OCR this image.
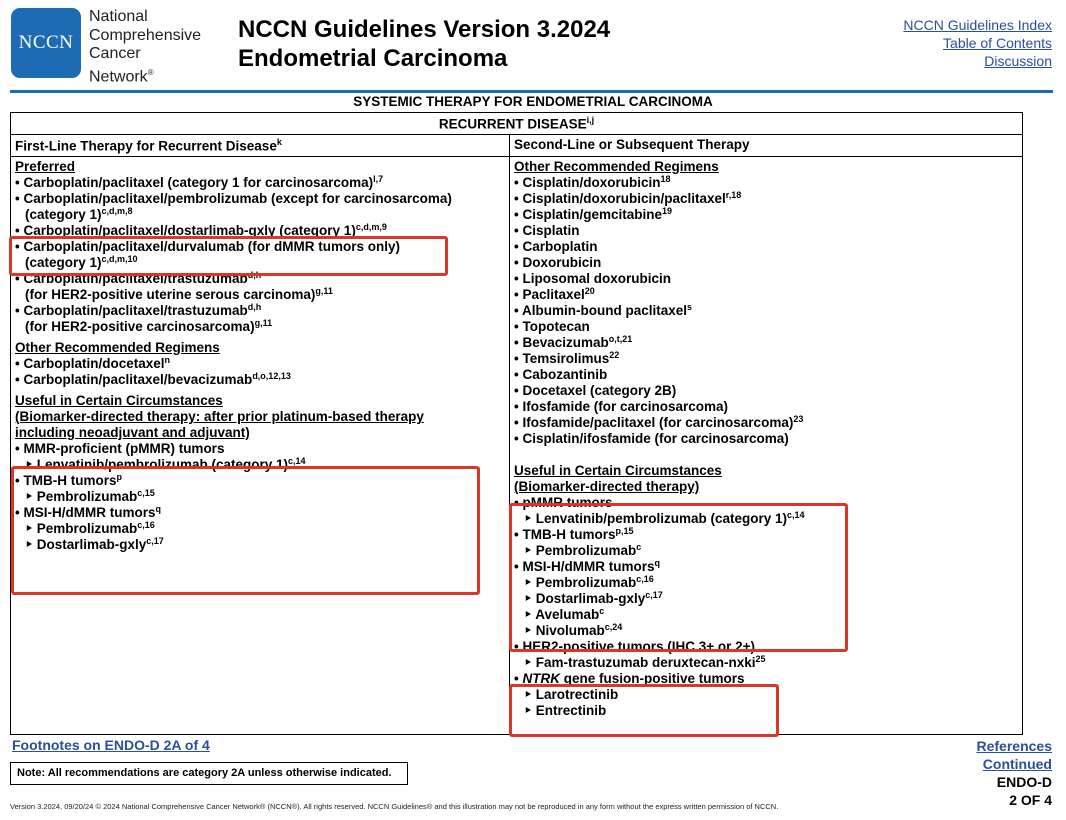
NCCN
National
Comprehensive
Cancer
Network®
NCCN Guidelines Version 3.2024
Endometrial Carcinoma
NCCN Guidelines Index
Table of Contents
Discussion
SYSTEMIC THERAPY FOR ENDOMETRIAL CARCINOMA
RECURRENT DISEASE$^{i,j}$
First-Line Therapy for Recurrent Disease$^k$	Second-Line or Subsequent Therapy
Preferred
• Carboplatin/paclitaxel (category 1 for carcinosarcoma)$^{l,7}$
• Carboplatin/paclitaxel/pembrolizumab (except for carcinosarcoma)
(category 1)$^{c,d,m,8}$
• Carboplatin/paclitaxel/dostarlimab-gxly (category 1)$^{c,d,m,9}$
• Carboplatin/paclitaxel/durvalumab (for dMMR tumors only)
(category 1)$^{c,d,m,10}$
• Carboplatin/paclitaxel/trastuzumab$^{d,h}$
(for HER2-positive uterine serous carcinoma)$^{g,11}$
• Carboplatin/paclitaxel/trastuzumab$^{d,h}$
(for HER2-positive carcinosarcoma)$^{g,11}$
Other Recommended Regimens
• Carboplatin/docetaxel$^n$
• Carboplatin/paclitaxel/bevacizumab$^{d,o,12,13}$
Useful in Certain Circumstances
(Biomarker-directed therapy: after prior platinum-based therapy
including neoadjuvant and adjuvant)
• MMR-proficient (pMMR) tumors
‣ Lenvatinib/pembrolizumab (category 1)$^{c,14}$
• TMB-H tumors$^p$
‣ Pembrolizumab$^{c,15}$
• MSI-H/dMMR tumors$^q$
‣ Pembrolizumab$^{c,16}$
‣ Dostarlimab-gxly$^{c,17}$
Other Recommended Regimens
• Cisplatin/doxorubicin$^{18}$
• Cisplatin/doxorubicin/paclitaxel$^{r,18}$
• Cisplatin/gemcitabine$^{19}$
• Cisplatin
• Carboplatin
• Doxorubicin
• Liposomal doxorubicin
• Paclitaxel$^{20}$
• Albumin-bound paclitaxel$^s$
• Topotecan
• Bevacizumab$^{o,t,21}$
• Temsirolimus$^{22}$
• Cabozantinib
• Docetaxel (category 2B)
• Ifosfamide (for carcinosarcoma)
• Ifosfamide/paclitaxel (for carcinosarcoma)$^{23}$
• Cisplatin/ifosfamide (for carcinosarcoma)
Useful in Certain Circumstances
(Biomarker-directed therapy)
• pMMR tumors
‣ Lenvatinib/pembrolizumab (category 1)$^{c,14}$
• TMB-H tumors$^{p,15}$
‣ Pembrolizumab$^c$
• MSI-H/dMMR tumors$^q$
‣ Pembrolizumab$^{c,16}$
‣ Dostarlimab-gxly$^{c,17}$
‣ Avelumab$^c$
‣ Nivolumab$^{c,24}$
• HER2-positive tumors (IHC 3+ or 2+)
‣ Fam-trastuzumab deruxtecan-nxki$^{25}$
• NTRK gene fusion-positive tumors
‣ Larotrectinib
‣ Entrectinib
Footnotes on ENDO-D 2A of 4
Note: All recommendations are category 2A unless otherwise indicated.
References
Continued
ENDO-D
2 OF 4
Version 3.2024, 09/20/24 © 2024 National Comprehensive Cancer Network® (NCCN®), All rights reserved. NCCN Guidelines® and this illustration may not be reproduced in any form without the express written permission of NCCN.
